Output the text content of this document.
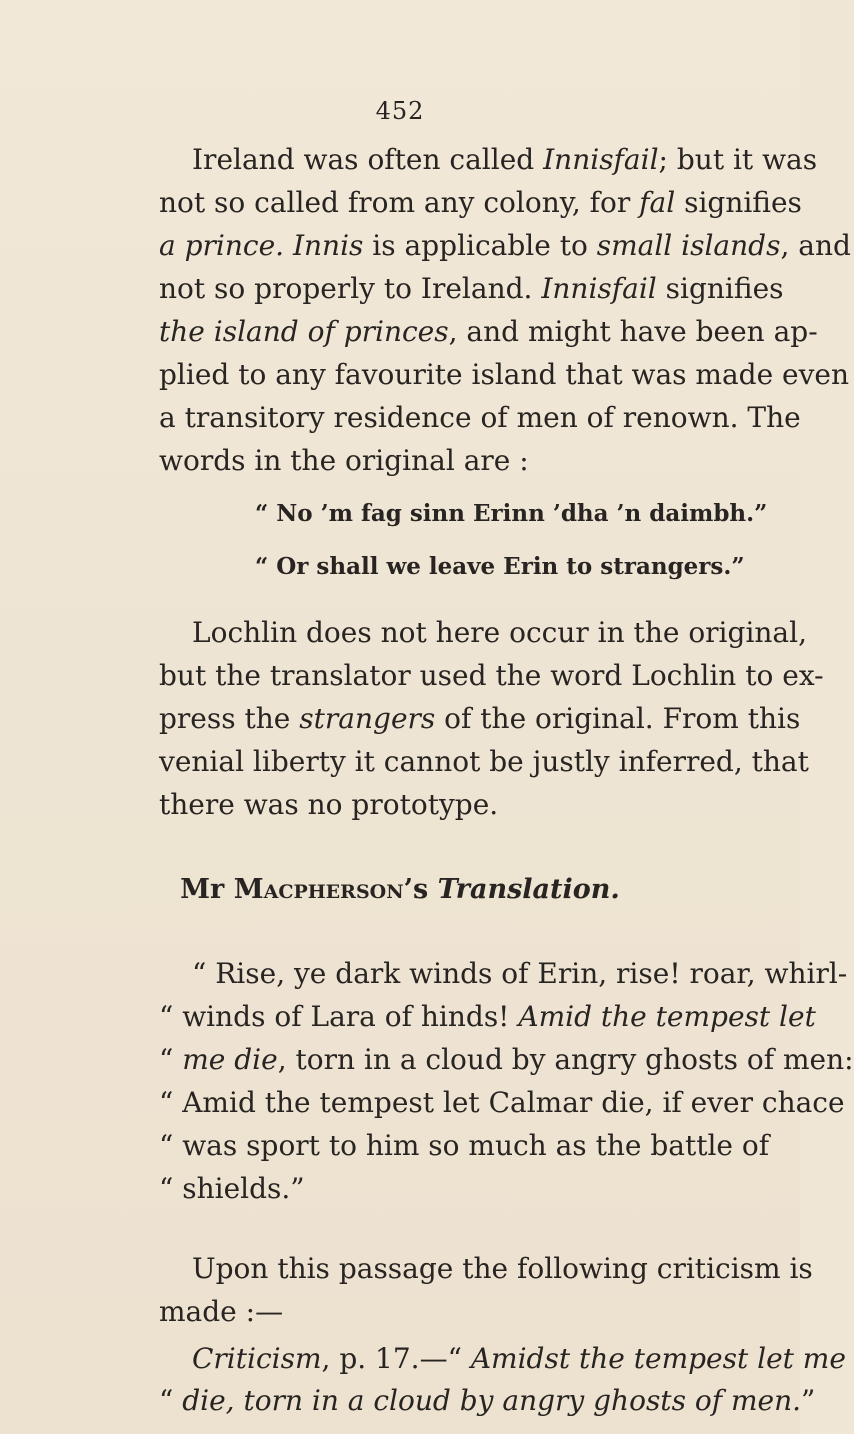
452
Ireland was often called Innisfail; but it was
not so called from any colony, for fal signifies
a prince. Innis is applicable to small islands, and
not so properly to Ireland. Innisfail signifies
the island of princes, and might have been ap-
plied to any favourite island that was made even
a transitory residence of men of renown. The
words in the original are :
“ No ’m fag sinn Erinn ’dha ’n daimbh.”
“ Or shall we leave Erin to strangers.”
Lochlin does not here occur in the original,
but the translator used the word Lochlin to ex-
press the strangers of the original. From this
venial liberty it cannot be justly inferred, that
there was no prototype.
Mr Macpherson’s Translation.
“ Rise, ye dark winds of Erin, rise! roar, whirl-
“ winds of Lara of hinds! Amid the tempest let
“ me die, torn in a cloud by angry ghosts of men:
“ Amid the tempest let Calmar die, if ever chace
“ was sport to him so much as the battle of
“ shields.”
Upon this passage the following criticism is
made :—
Criticism, p. 17.—“ Amidst the tempest let me
“ die, torn in a cloud by angry ghosts of men.”
